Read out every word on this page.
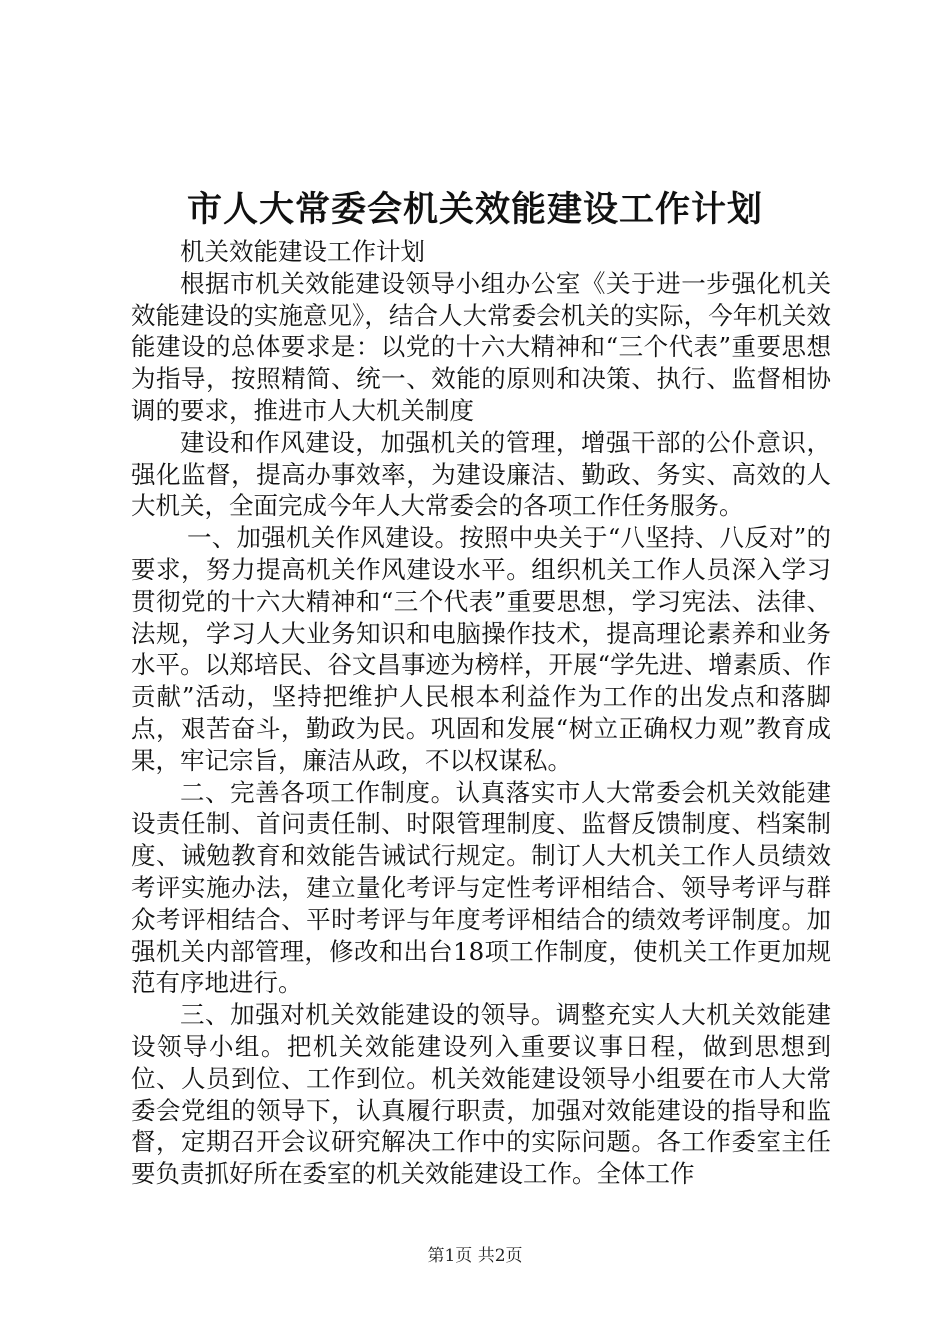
市人大常委会机关效能建设工作计划

机关效能建设工作计划

根据市机关效能建设领导小组办公室《关于进一步强化机关效能建设的实施意见》，结合人大常委会机关的实际，今年机关效能建设的总体要求是：以党的十六大精神和“三个代表”重要思想为指导，按照精简、统一、效能的原则和决策、执行、监督相协调的要求，推进市人大机关制度

建设和作风建设，加强机关的管理，增强干部的公仆意识，强化监督，提高办事效率，为建设廉洁、勤政、务实、高效的人大机关，全面完成今年人大常委会的各项工作任务服务。

一、加强机关作风建设。按照中央关于“八坚持、八反对”的要求，努力提高机关作风建设水平。组织机关工作人员深入学习贯彻党的十六大精神和“三个代表”重要思想，学习宪法、法律、法规，学习人大业务知识和电脑操作技术，提高理论素养和业务水平。以郑培民、谷文昌事迹为榜样，开展“学先进、增素质、作贡献”活动，坚持把维护人民根本利益作为工作的出发点和落脚点，艰苦奋斗，勤政为民。巩固和发展“树立正确权力观”教育成果，牢记宗旨，廉洁从政，不以权谋私。

二、完善各项工作制度。认真落实市人大常委会机关效能建设责任制、首问责任制、时限管理制度、监督反馈制度、档案制度、诫勉教育和效能告诫试行规定。制订人大机关工作人员绩效考评实施办法，建立量化考评与定性考评相结合、领导考评与群众考评相结合、平时考评与年度考评相结合的绩效考评制度。加强机关内部管理，修改和出台18项工作制度，使机关工作更加规范有序地进行。

三、加强对机关效能建设的领导。调整充实人大机关效能建设领导小组。把机关效能建设列入重要议事日程，做到思想到位、人员到位、工作到位。机关效能建设领导小组要在市人大常委会党组的领导下，认真履行职责，加强对效能建设的指导和监督，定期召开会议研究解决工作中的实际问题。各工作委室主任要负责抓好所在委室的机关效能建设工作。全体工作

第1页 共2页
